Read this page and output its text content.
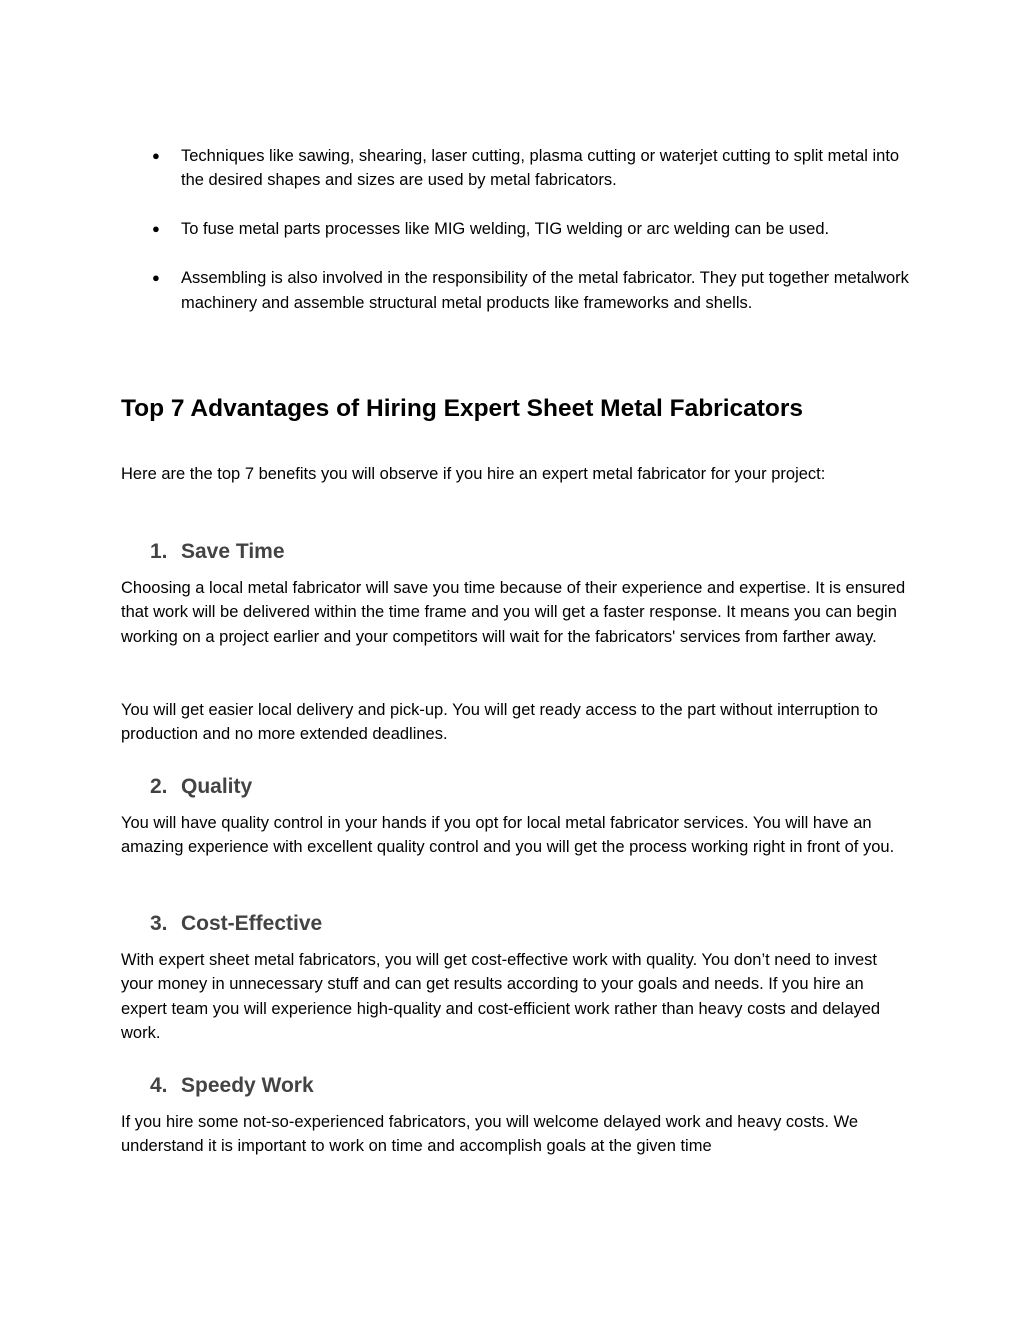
● Techniques like sawing, shearing, laser cutting, plasma cutting or waterjet cutting to split metal into the desired shapes and sizes are used by metal fabricators.
● To fuse metal parts processes like MIG welding, TIG welding or arc welding can be used.
● Assembling is also involved in the responsibility of the metal fabricator. They put together metalwork machinery and assemble structural metal products like frameworks and shells.
Top 7 Advantages of Hiring Expert Sheet Metal Fabricators

Here are the top 7 benefits you will observe if you hire an expert metal fabricator for your project:

1. Save Time

Choosing a local metal fabricator will save you time because of their experience and expertise. It is ensured that work will be delivered within the time frame and you will get a faster response. It means you can begin working on a project earlier and your competitors will wait for the fabricators' services from farther away.

You will get easier local delivery and pick-up. You will get ready access to the part without interruption to production and no more extended deadlines.

2. Quality

You will have quality control in your hands if you opt for local metal fabricator services. You will have an amazing experience with excellent quality control and you will get the process working right in front of you.

3. Cost-Effective

With expert sheet metal fabricators, you will get cost-effective work with quality. You don’t need to invest your money in unnecessary stuff and can get results according to your goals and needs. If you hire an expert team you will experience high-quality and cost-efficient work rather than heavy costs and delayed work.

4. Speedy Work

If you hire some not-so-experienced fabricators, you will welcome delayed work and heavy costs. We understand it is important to work on time and accomplish goals at the given time
